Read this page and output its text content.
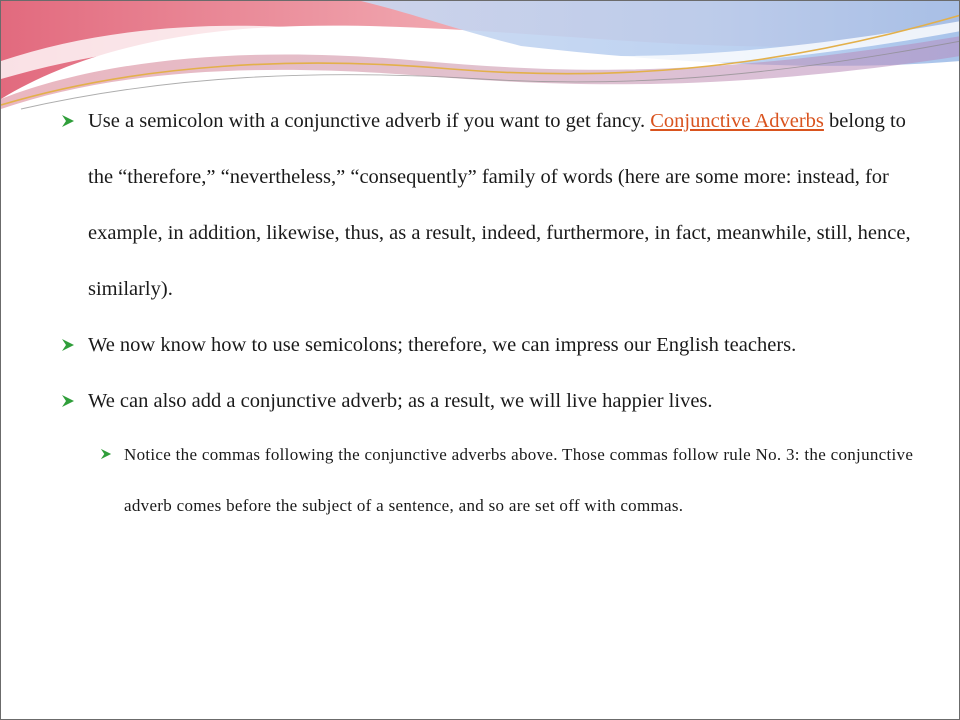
Use a semicolon with a conjunctive adverb if you want to get fancy. Conjunctive Adverbs belong to the “therefore,” “nevertheless,” “consequently” family of words (here are some more: instead, for example, in addition, likewise, thus, as a result, indeed, furthermore, in fact, meanwhile, still, hence, similarly).
We now know how to use semicolons; therefore, we can impress our English teachers.
We can also add a conjunctive adverb; as a result, we will live happier lives.
Notice the commas following the conjunctive adverbs above. Those commas follow rule No. 3: the conjunctive adverb comes before the subject of a sentence, and so are set off with commas.
